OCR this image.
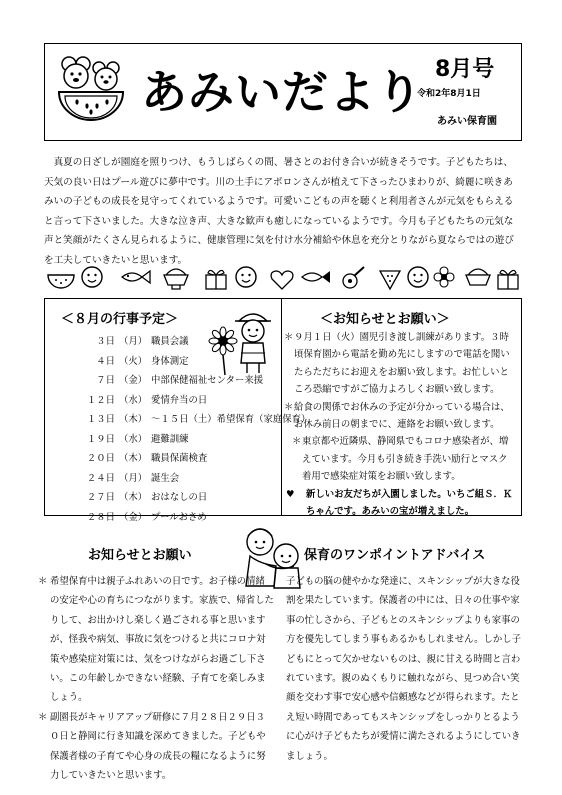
あみいだより 8月号
令和2年8月1日
あみい保育園

真夏の日ざしが園庭を照りつけ、もうしばらくの間、暑さとのお付き合いが続きそうです。子どもたちは、天気の良い日はプール遊びに夢中です。川の土手にアポロンさんが植えて下さったひまわりが、綺麗に咲きあみいの子どもの成長を見守ってくれているようです。可愛いこどもの声を聴くと利用者さんが元気をもらえると言って下さいました。大きな泣き声、大きな歓声も癒しになっているようです。今月も子どもたちの元気な声と笑顔がたくさん見られるように、健康管理に気を付け水分補給や休息を充分とりながら夏ならではの遊びを工夫していきたいと思います。

＜８月の行事予定＞
３日 （月） 職員会議
４日 （火） 身体測定
７日 （金） 中部保健福祉センター来援
１２日 （水） 愛情弁当の日
１３日 （木） ～１５日（土）希望保育（家庭保育）
１９日 （水） 避難訓練
２０日 （木） 職員保菌検査
２４日 （月） 誕生会
２７日 （木） おはなしの日
２８日 （金） プールおさめ
＜お知らせとお願い＞
＊ ９月１日（火）園児引き渡し訓練があります。３時頃保育園から電話を勤め先にしますので電話を聞いたらただちにお迎えをお願い致します。お忙しいところ恐縮ですがご協力よろしくお願い致します。
＊ 給食の関係でお休みの予定が分かっている場合は、お休み前日の朝までに、連絡をお願い致します。
＊ 東京都や近隣県、静岡県でもコロナ感染者が、増えています。今月も引き続き手洗い励行とマスク着用で感染症対策をお願い致します。
♥ 新しいお友だちが入園しました。いちご組Ｓ．Ｋちゃんです。あみいの宝が増えました。
お知らせとお願い	保育のワンポイントアドバイス
＊ 希望保育中は親子ふれあいの日です。お子様の情緒の安定や心の育ちにつながります。家族で、帰省したりして、お出かけし楽しく過ごされる事と思いますが、怪我や病気、事故に気をつけると共にコロナ対策や感染症対策には、気をつけながらお過ごし下さい。この年齢しかできない経験、子育てを楽しみましょう。
＊ 副園長がキャリアアップ研修に７月２８日２９日３０日と静岡に行き知識を深めてきました。子どもや保護者様の子育てや心身の成長の糧になるように努力していきたいと思います。

子どもの脳の健やかな発達に、スキンシップが大きな役割を果たしています。保護者の中には、日々の仕事や家事の忙しさから、子どもとのスキンシップよりも家事の方を優先してしまう事もあるかもしれません。しかし子どもにとって欠かせないものは、親に甘える時間と言われています。親のぬくもりに触れながら、見つめ合い笑顔を交わす事で安心感や信頼感などが得られます。たとえ短い時間であってもスキンシップをしっかりとるように心がけ子どもたちが愛情に満たされるようにしていきましょう。
